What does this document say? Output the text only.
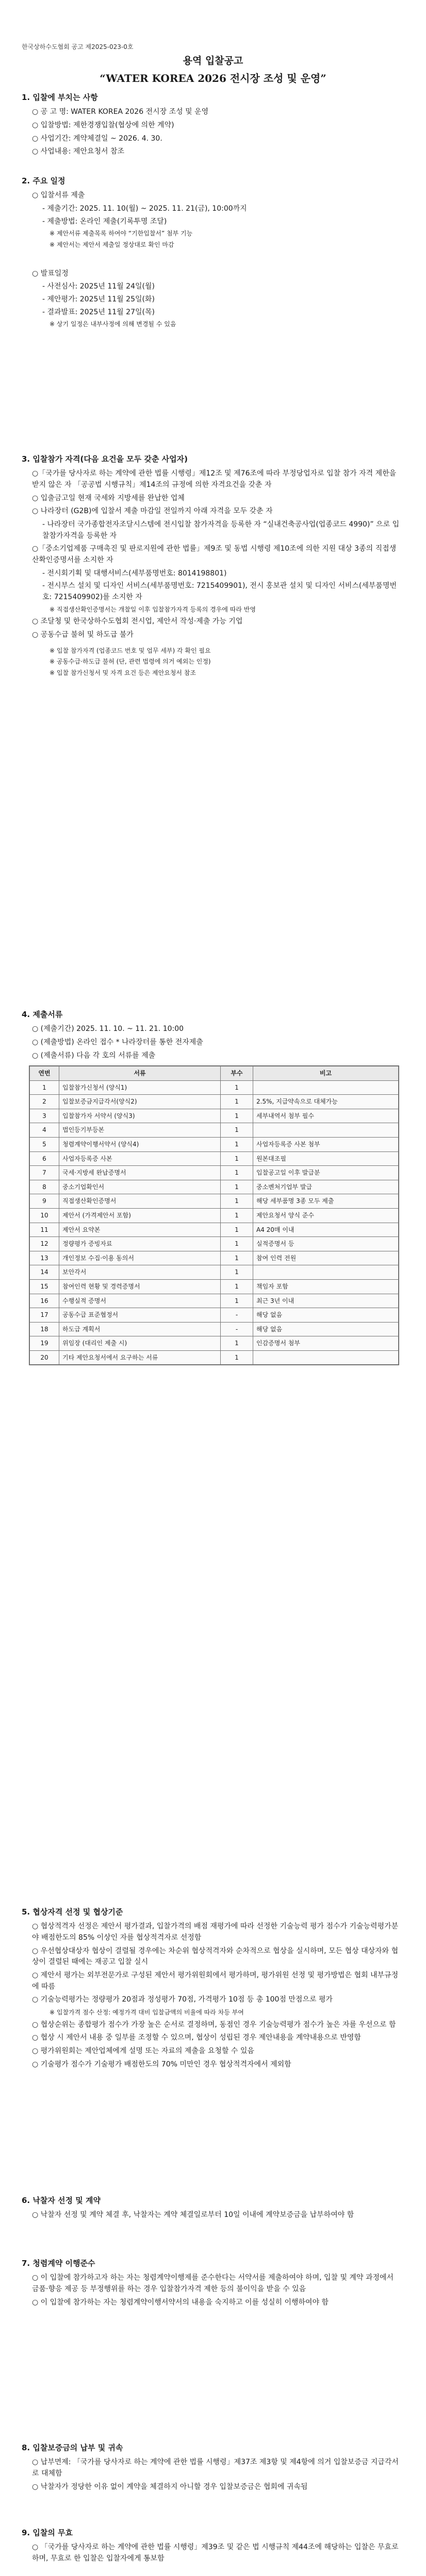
한국상하수도협회 공고 제2025-023-0호
용역 입찰공고
“WATER KOREA 2026 전시장 조성 및 운영”
1. 입찰에 부치는 사항
○ 공 고 명: WATER KOREA 2026 전시장 조성 및 운영
○ 입찰방법: 제한경쟁입찰(협상에 의한 계약)
○ 사업기간: 계약체결일 ~ 2026. 4. 30.
○ 사업내용: 제안요청서 참조
2. 주요 일정
○ 입찰서류 제출
- 제출기간: 2025. 11. 10(월) ~ 2025. 11. 21(금), 10:00까지
- 제출방법: 온라인 제출(기록투명 조달)
※ 제안서류 제출목록 하여야 “기한입찰서” 첨부 기능
※ 제안서는 제안서 제출일 정상대로 확인 마감
○ 발표일정
- 사전심사: 2025년 11월 24일(월)
- 제안평가: 2025년 11월 25일(화)
- 결과발표: 2025년 11월 27일(목)
※ 상기 일정은 내부사정에 의해 변경될 수 있음
3. 입찰참가 자격(다음 요건을 모두 갖춘 사업자)
○「국가를 당사자로 하는 계약에 관한 법률 시행령」제12조 및 제76조에 따라 부정당업자로 입찰 참가 자격 제한을 받지 않은 자 「공공법 시행규칙」제14조의 규정에 의한 자격요건을 갖춘 자
○ 입출금고일 현재 국세와 지방세를 완납한 업체
○ 나라장터 (G2B)에 입찰서 제출 마감일 전일까지 아래 자격을 모두 갖춘 자
- 나라장터 국가종합전자조달시스템에 전시입찰 참가자격을 등록한 자 “실내건축공사업(업종코드 4990)” 으로 입찰참가자격을 등록한 자
○「중소기업제품 구매촉진 및 판로지원에 관한 법률」제9조 및 동법 시행령 제10조에 의한 지원 대상 3종의 직접생산확인증명서를 소지한 자
- 전시회기획 및 대행서비스(세부품명번호: 8014198801)
- 전시부스 설치 및 디자인 서비스(세부품명번호: 7215409901), 전시 홍보관 설치 및 디자인 서비스(세부품명번호: 7215409902)를 소지한 자
※ 직접생산확인증명서는 개찰일 이후 입찰참가자격 등록의 경우에 따라 반영
○ 조달청 및 한국상하수도협회 전시업, 제안서 작성·제출 가능 기업
○ 공동수급 불허 및 하도급 불가
※ 입찰 참가자격 (업종코드 번호 및 업무 세부) 각 확인 필요
※ 공동수급·하도급 불허 (단, 관련 법령에 의거 예외는 인정)
※ 입찰 참가신청서 및 자격 요건 등은 제안요청서 참조
4. 제출서류
○ (제출기간) 2025. 11. 10. ~ 11. 21. 10:00
○ (제출방법) 온라인 접수 * 나라장터를 통한 전자제출
○ (제출서류) 다음 각 호의 서류를 제출
연번	서류	부수	비고
1	입찰참가신청서 (양식1)	1	
2	입찰보증금지급각서(양식2)	1	2.5%, 지급약속으로 대체가능
3	입찰참가자 서약서 (양식3)	1	세부내역서 첨부 필수
4	법인등기부등본	1	
5	청렴계약이행서약서 (양식4)	1	사업자등록증 사본 첨부
6	사업자등록증 사본	1	원본대조필
7	국세·지방세 완납증명서	1	입찰공고일 이후 발급분
8	중소기업확인서	1	중소벤처기업부 발급
9	직접생산확인증명서	1	해당 세부품명 3종 모두 제출
10	제안서 (가격제안서 포함)	1	제안요청서 양식 준수
11	제안서 요약본	1	A4 20매 이내
12	정량평가 증빙자료	1	실적증명서 등
13	개인정보 수집·이용 동의서	1	참여 인력 전원
14	보안각서	1	
15	참여인력 현황 및 경력증명서	1	책임자 포함
16	수행실적 증명서	1	최근 3년 이내
17	공동수급 표준협정서	-	해당 없음
18	하도급 계획서	-	해당 없음
19	위임장 (대리인 제출 시)	1	인감증명서 첨부
20	기타 제안요청서에서 요구하는 서류	1	
5. 협상자격 선정 및 협상기준
○ 협상적격자 선정은 제안서 평가결과, 입찰가격의 배점 재평가에 따라 선정한 기술능력 평가 점수가 기술능력평가분야 배점한도의 85% 이상인 자를 협상적격자로 선정함
○ 우선협상대상자 협상이 결렬될 경우에는 차순위 협상적격자와 순차적으로 협상을 실시하며, 모든 협상 대상자와 협상이 결렬된 때에는 재공고 입찰 실시
○ 제안서 평가는 외부전문가로 구성된 제안서 평가위원회에서 평가하며, 평가위원 선정 및 평가방법은 협회 내부규정에 따름
○ 기술능력평가는 정량평가 20점과 정성평가 70점, 가격평가 10점 등 총 100점 만점으로 평가
※ 입찰가격 점수 산정: 예정가격 대비 입찰금액의 비율에 따라 차등 부여
○ 협상순위는 종합평가 점수가 가장 높은 순서로 결정하며, 동점인 경우 기술능력평가 점수가 높은 자를 우선으로 함
○ 협상 시 제안서 내용 중 일부를 조정할 수 있으며, 협상이 성립된 경우 제안내용을 계약내용으로 반영함
○ 평가위원회는 제안업체에게 설명 또는 자료의 제출을 요청할 수 있음
○ 기술평가 점수가 기술평가 배점한도의 70% 미만인 경우 협상적격자에서 제외함
6. 낙찰자 선정 및 계약
○ 낙찰자 선정 및 계약 체결 후, 낙찰자는 계약 체결일로부터 10일 이내에 계약보증금을 납부하여야 함
7. 청렴계약 이행준수
○ 이 입찰에 참가하고자 하는 자는 청렴계약이행제를 준수한다는 서약서를 제출하여야 하며, 입찰 및 계약 과정에서 금품·향응 제공 등 부정행위를 하는 경우 입찰참가자격 제한 등의 불이익을 받을 수 있음
○ 이 입찰에 참가하는 자는 청렴계약이행서약서의 내용을 숙지하고 이를 성실히 이행하여야 함
8. 입찰보증금의 납부 및 귀속
○ 납부면제: 「국가를 당사자로 하는 계약에 관한 법률 시행령」제37조 제3항 및 제4항에 의거 입찰보증금 지급각서로 대체함
○ 낙찰자가 정당한 이유 없이 계약을 체결하지 아니할 경우 입찰보증금은 협회에 귀속됨
9. 입찰의 무효
○ 「국가를 당사자로 하는 계약에 관한 법률 시행령」제39조 및 같은 법 시행규칙 제44조에 해당하는 입찰은 무효로 하며, 무효로 한 입찰은 입찰자에게 통보함
